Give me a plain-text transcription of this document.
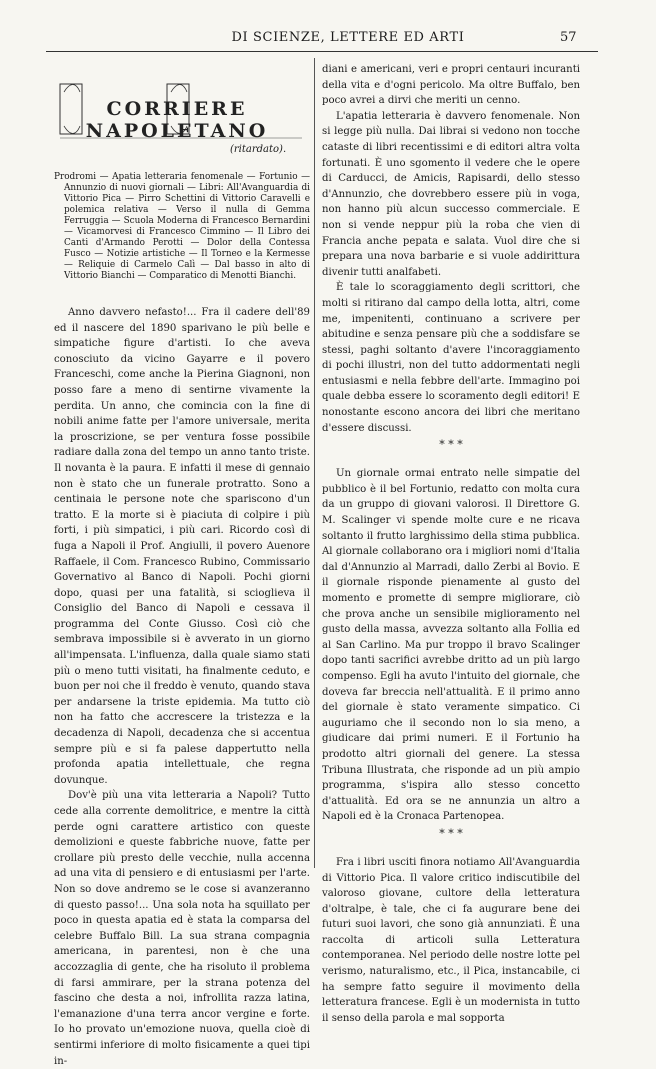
DI SCIENZE, LETTERE ED ARTI	57
CORRIERE NAPOLETANO
(ritardato).

Prodromi — Apatia letteraria fenomenale — Fortunio — Annunzio di nuovi giornali — Libri: All'Avanguardia di Vittorio Pica — Pirro Schettini di Vittorio Caravelli e polemica relativa — Verso il nulla di Gemma Ferruggia — Scuola Moderna di Francesco Bernardini — Vicamorvesi di Francesco Cimmino — Il Libro dei Canti d'Armando Perotti — Dolor della Contessa Fusco — Notizie artistiche — Il Torneo e la Kermesse — Reliquie di Carmelo Calì — Dal basso in alto di Vittorio Bianchi — Comparatico di Menotti Bianchi.

Anno davvero nefasto!... Fra il cadere dell'89 ed il nascere del 1890 sparivano le più belle e simpatiche figure d'artisti. Io che aveva conosciuto da vicino Gayarre e il povero Franceschi, come anche la Pierina Giagnoni, non posso fare a meno di sentirne vivamente la perdita. Un anno, che comincia con la fine di nobili anime fatte per l'amore universale, merita la proscrizione, se per ventura fosse possibile radiare dalla zona del tempo un anno tanto triste. Il novanta è la paura. E infatti il mese di gennaio non è stato che un funerale protratto. Sono a centinaia le persone note che spariscono d'un tratto. E la morte si è piaciuta di colpire i più forti, i più simpatici, i più cari. Ricordo così di fuga a Napoli il Prof. Angiulli, il povero Auenore Raffaele, il Com. Francesco Rubino, Commissario Governativo al Banco di Napoli. Pochi giorni dopo, quasi per una fatalità, si scioglieva il Consiglio del Banco di Napoli e cessava il programma del Conte Giusso. Così ciò che sembrava impossibile si è avverato in un giorno all'impensata. L'influenza, dalla quale siamo stati più o meno tutti visitati, ha finalmente ceduto, e buon per noi che il freddo è venuto, quando stava per andarsene la triste epidemia. Ma tutto ciò non ha fatto che accrescere la tristezza e la decadenza di Napoli, decadenza che si accentua sempre più e si fa palese dappertutto nella profonda apatia intellettuale, che regna dovunque.

Dov'è più una vita letteraria a Napoli? Tutto cede alla corrente demolitrice, e mentre la città perde ogni carattere artistico con queste demolizioni e queste fabbriche nuove, fatte per crollare più presto delle vecchie, nulla accenna ad una vita di pensiero e di entusiasmi per l'arte. Non so dove andremo se le cose si avanzeranno di questo passo!... Una sola nota ha squillato per poco in questa apatia ed è stata la comparsa del celebre Buffalo Bill. La sua strana compagnia americana, in parentesi, non è che una accozzaglia di gente, che ha risoluto il problema di farsi ammirare, per la strana potenza del fascino che desta a noi, infrollita razza latina, l'emanazione d'una terra ancor vergine e forte. Io ho provato un'emozione nuova, quella cioè di sentirmi inferiore di molto fisicamente a quei tipi in-

diani e americani, veri e propri centauri incuranti della vita e d'ogni pericolo. Ma oltre Buffalo, ben poco avrei a dirvi che meriti un cenno.

L'apatia letteraria è davvero fenomenale. Non si legge più nulla. Dai librai si vedono non tocche cataste di libri recentissimi e di editori altra volta fortunati. È uno sgomento il vedere che le opere di Carducci, de Amicis, Rapisardi, dello stesso d'Annunzio, che dovrebbero essere più in voga, non hanno più alcun successo commerciale. E non si vende neppur più la roba che vien di Francia anche pepata e salata. Vuol dire che si prepara una nova barbarie e si vuole addirittura divenir tutti analfabeti.

È tale lo scoraggiamento degli scrittori, che molti si ritirano dal campo della lotta, altri, come me, impenitenti, continuano a scrivere per abitudine e senza pensare più che a soddisfare se stessi, paghi soltanto d'avere l'incoraggiamento di pochi illustri, non del tutto addormentati negli entusiasmi e nella febbre dell'arte. Immagino poi quale debba essere lo scoramento degli editori! E nonostante escono ancora dei libri che meritano d'essere discussi.

* * *

Un giornale ormai entrato nelle simpatie del pubblico è il bel Fortunio, redatto con molta cura da un gruppo di giovani valorosi. Il Direttore G. M. Scalinger vi spende molte cure e ne ricava soltanto il frutto larghissimo della stima pubblica. Al giornale collaborano ora i migliori nomi d'Italia dal d'Annunzio al Marradi, dallo Zerbi al Bovio. E il giornale risponde pienamente al gusto del momento e promette di sempre migliorare, ciò che prova anche un sensibile miglioramento nel gusto della massa, avvezza soltanto alla Follia ed al San Carlino. Ma pur troppo il bravo Scalinger dopo tanti sacrifici avrebbe dritto ad un più largo compenso. Egli ha avuto l'intuito del giornale, che doveva far breccia nell'attualità. E il primo anno del giornale è stato veramente simpatico. Ci auguriamo che il secondo non lo sia meno, a giudicare dai primi numeri. E il Fortunio ha prodotto altri giornali del genere. La stessa Tribuna Illustrata, che risponde ad un più ampio programma, s'ispira allo stesso concetto d'attualità. Ed ora se ne annunzia un altro a Napoli ed è la Cronaca Partenopea.

* * *

Fra i libri usciti finora notiamo All'Avanguardia di Vittorio Pica. Il valore critico indiscutibile del valoroso giovane, cultore della letteratura d'oltralpe, è tale, che ci fa augurare bene dei futuri suoi lavori, che sono già annunziati. È una raccolta di articoli sulla Letteratura contemporanea. Nel periodo delle nostre lotte pel verismo, naturalismo, etc., il Pica, instancabile, ci ha sempre fatto seguire il movimento della letteratura francese. Egli è un modernista in tutto il senso della parola e mal sopporta
